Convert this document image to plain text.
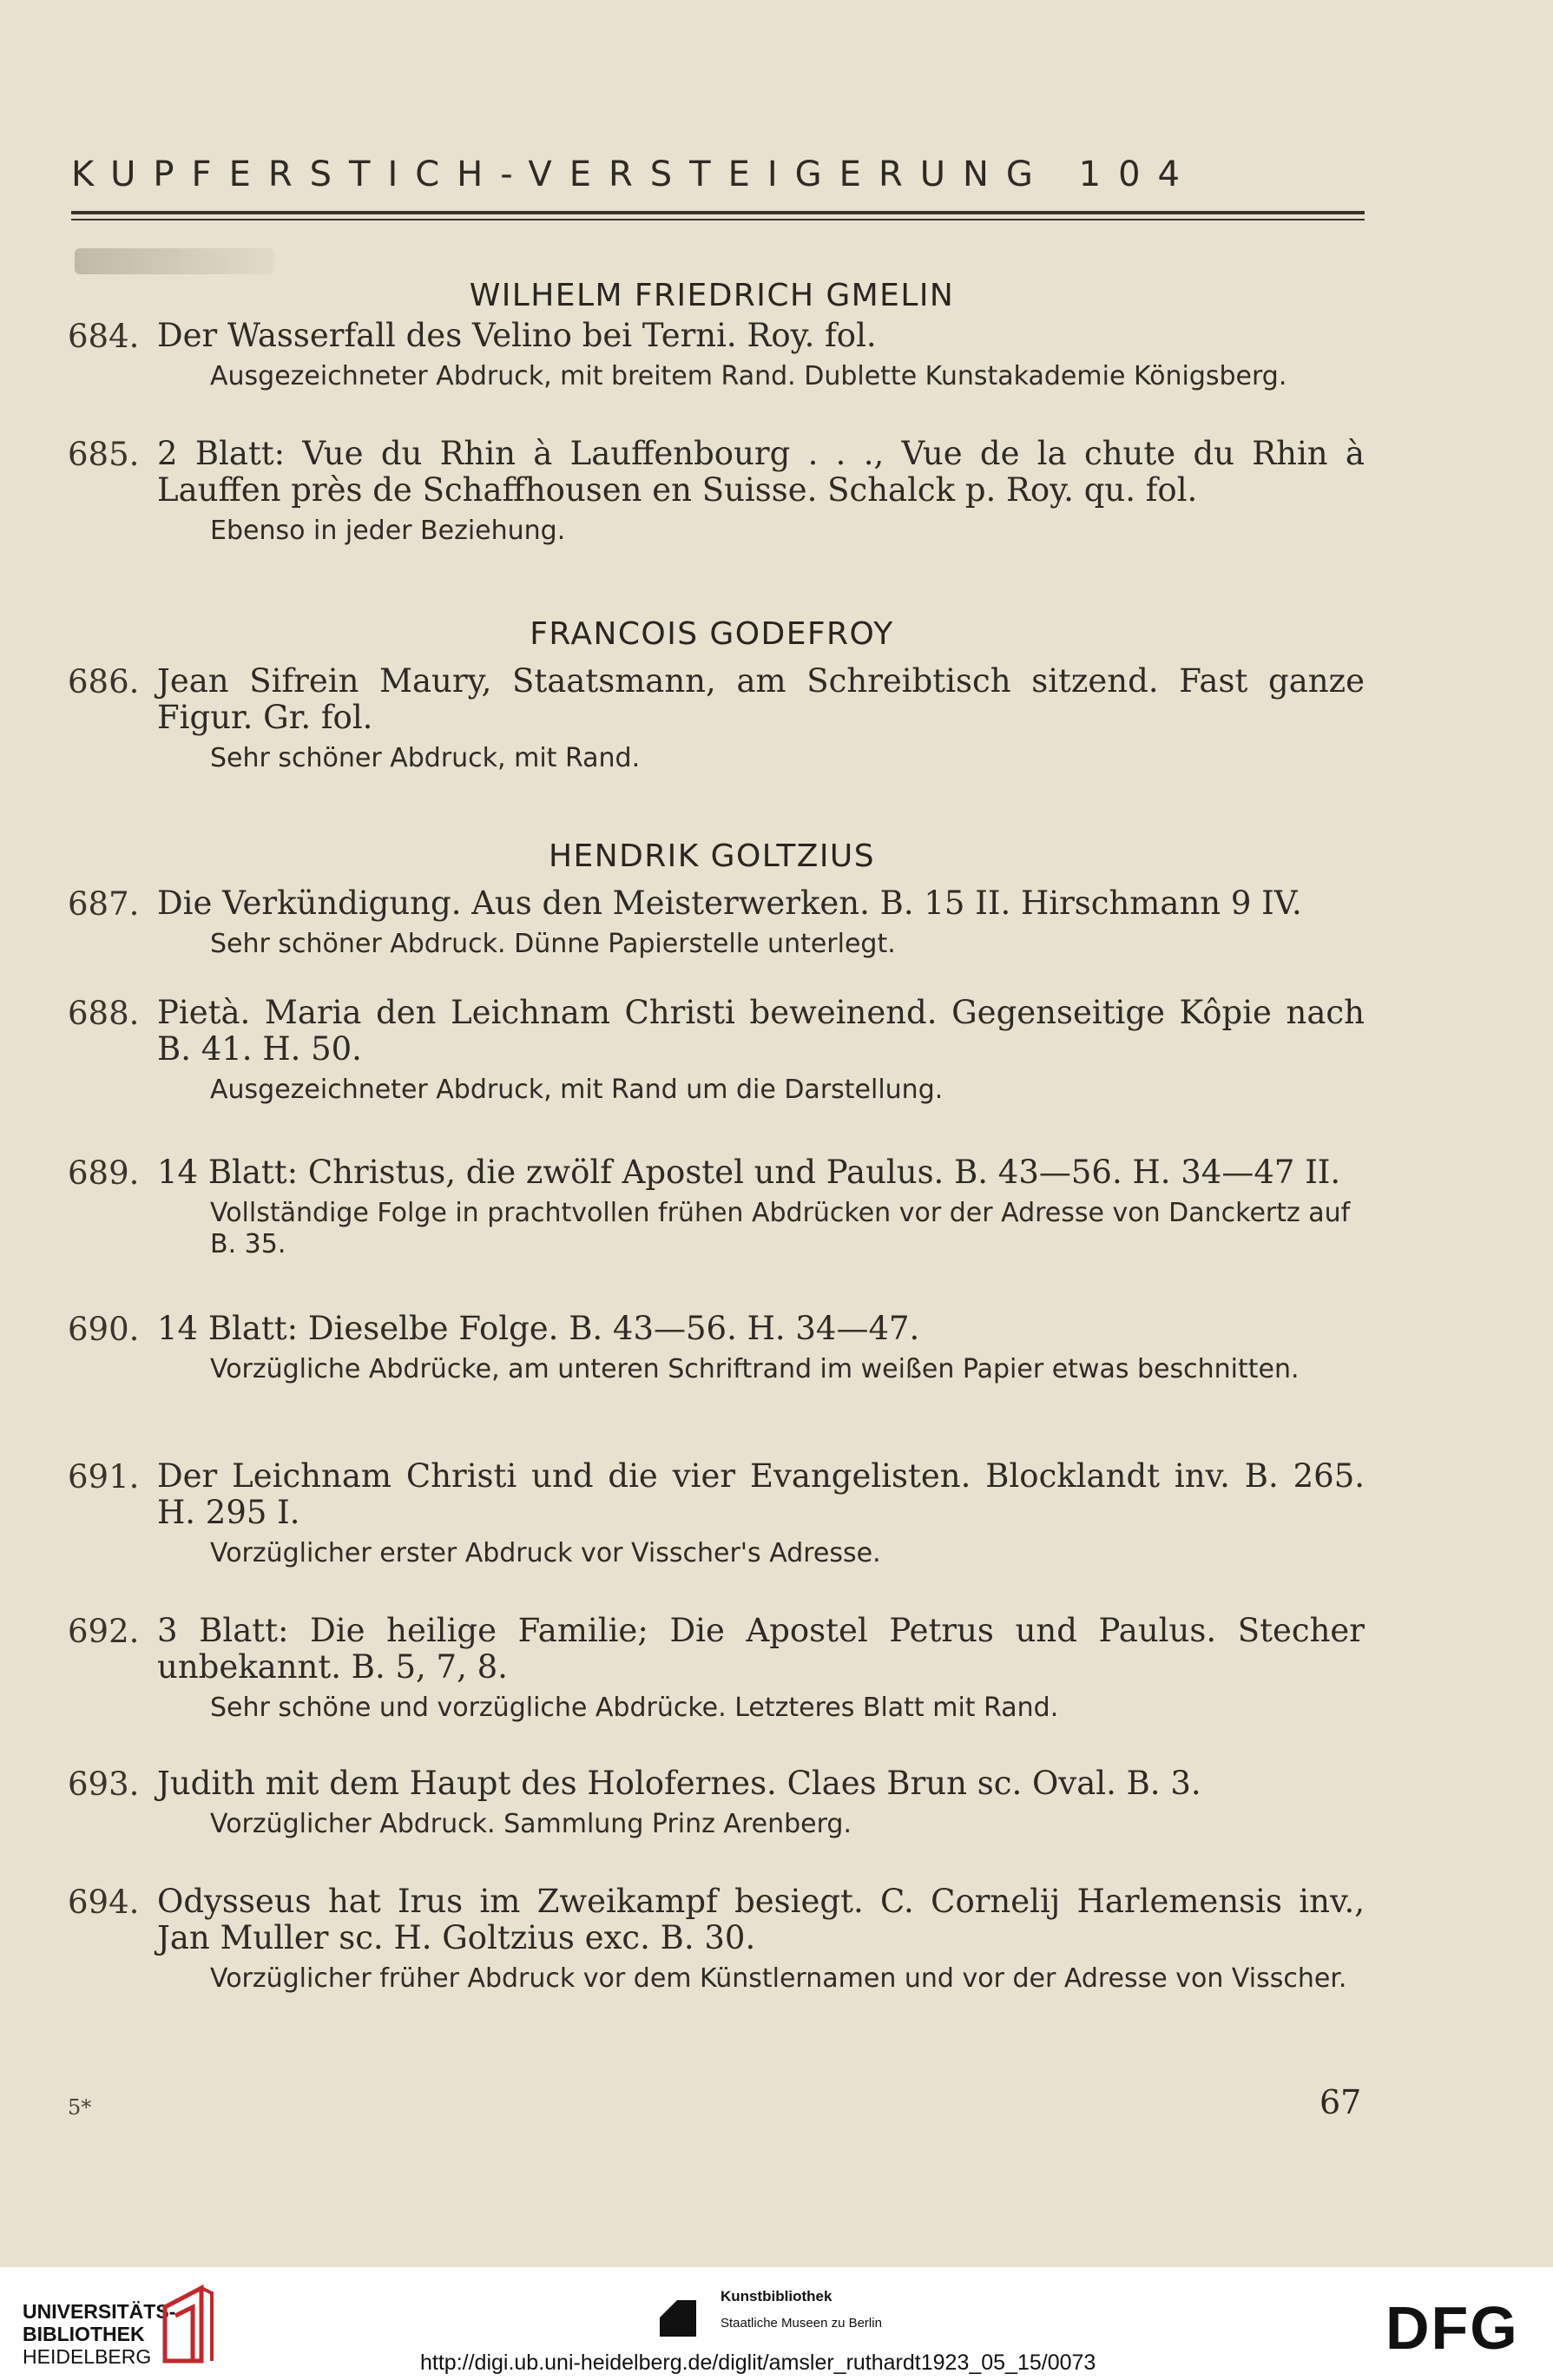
KUPFERSTICH-VERSTEIGERUNG 104
WILHELM FRIEDRICH GMELIN
684. Der Wasserfall des Velino bei Terni. Roy. fol.
Ausgezeichneter Abdruck, mit breitem Rand. Dublette Kunstakademie Königsberg.
685. 2 Blatt: Vue du Rhin à Lauffenbourg . . ., Vue de la chute du Rhin à Lauffen près de Schaffhousen en Suisse. Schalck p. Roy. qu. fol.
Ebenso in jeder Beziehung.
FRANCOIS GODEFROY
686. Jean Sifrein Maury, Staatsmann, am Schreibtisch sitzend. Fast ganze Figur. Gr. fol.
Sehr schöner Abdruck, mit Rand.
HENDRIK GOLTZIUS
687. Die Verkündigung. Aus den Meisterwerken. B. 15 II. Hirschmann 9 IV.
Sehr schöner Abdruck. Dünne Papierstelle unterlegt.
688. Pietà. Maria den Leichnam Christi beweinend. Gegenseitige Kôpie nach B. 41. H. 50.
Ausgezeichneter Abdruck, mit Rand um die Darstellung.
689. 14 Blatt: Christus, die zwölf Apostel und Paulus. B. 43—56. H. 34—47 II.
Vollständige Folge in prachtvollen frühen Abdrücken vor der Adresse von Danckertz auf B. 35.
690. 14 Blatt: Dieselbe Folge. B. 43—56. H. 34—47.
Vorzügliche Abdrücke, am unteren Schriftrand im weißen Papier etwas beschnitten.
691. Der Leichnam Christi und die vier Evangelisten. Blocklandt inv. B. 265. H. 295 I.
Vorzüglicher erster Abdruck vor Visscher's Adresse.
692. 3 Blatt: Die heilige Familie; Die Apostel Petrus und Paulus. Stecher unbekannt. B. 5, 7, 8.
Sehr schöne und vorzügliche Abdrücke. Letzteres Blatt mit Rand.
693. Judith mit dem Haupt des Holofernes. Claes Brun sc. Oval. B. 3.
Vorzüglicher Abdruck. Sammlung Prinz Arenberg.
694. Odysseus hat Irus im Zweikampf besiegt. C. Cornelij Harlemensis inv., Jan Muller sc. H. Goltzius exc. B. 30.
Vorzüglicher früher Abdruck vor dem Künstlernamen und vor der Adresse von Visscher.
5*	67
UNIVERSITÄTS-
BIBLIOTHEK
HEIDELBERG
Kunstbibliothek
Staatliche Museen zu Berlin	DFG
http://digi.ub.uni-heidelberg.de/diglit/amsler_ruthardt1923_05_15/0073
